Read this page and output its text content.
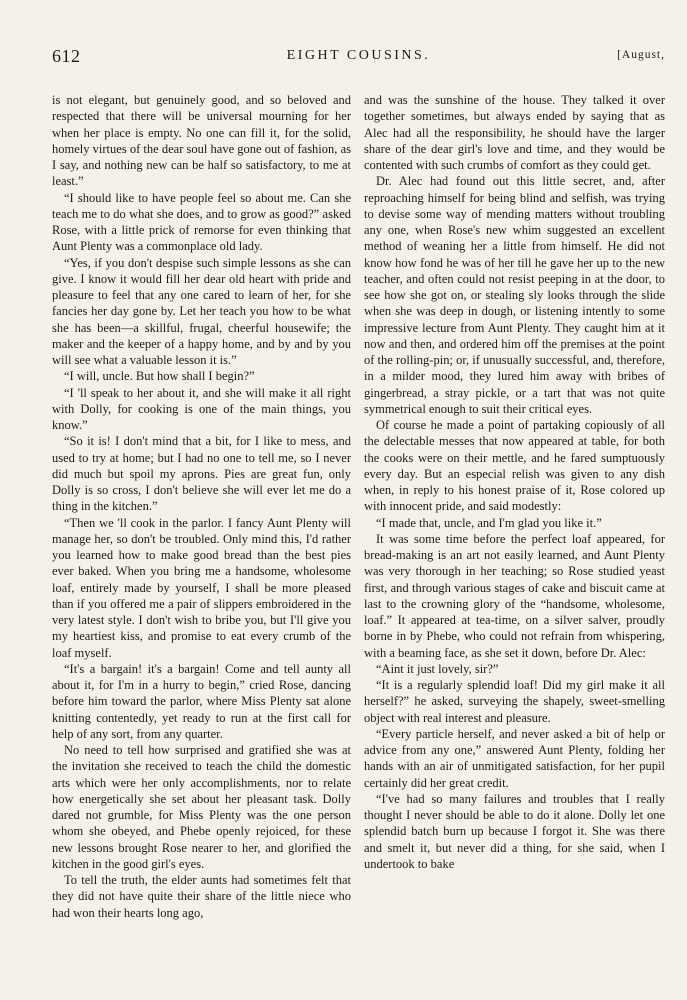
612	EIGHT COUSINS.	[August,

is not elegant, but genuinely good, and so beloved and respected that there will be universal mourning for her when her place is empty. No one can fill it, for the solid, homely virtues of the dear soul have gone out of fashion, as I say, and nothing new can be half so satisfactory, to me at least.”

“I should like to have people feel so about me. Can she teach me to do what she does, and to grow as good?” asked Rose, with a little prick of remorse for even thinking that Aunt Plenty was a commonplace old lady.

“Yes, if you don't despise such simple lessons as she can give. I know it would fill her dear old heart with pride and pleasure to feel that any one cared to learn of her, for she fancies her day gone by. Let her teach you how to be what she has been—a skillful, frugal, cheerful housewife; the maker and the keeper of a happy home, and by and by you will see what a valuable lesson it is.”

“I will, uncle. But how shall I begin?”

“I 'll speak to her about it, and she will make it all right with Dolly, for cooking is one of the main things, you know.”

“So it is! I don't mind that a bit, for I like to mess, and used to try at home; but I had no one to tell me, so I never did much but spoil my aprons. Pies are great fun, only Dolly is so cross, I don't believe she will ever let me do a thing in the kitchen.”

“Then we 'll cook in the parlor. I fancy Aunt Plenty will manage her, so don't be troubled. Only mind this, I'd rather you learned how to make good bread than the best pies ever baked. When you bring me a handsome, wholesome loaf, entirely made by yourself, I shall be more pleased than if you offered me a pair of slippers embroidered in the very latest style. I don't wish to bribe you, but I'll give you my heartiest kiss, and promise to eat every crumb of the loaf myself.

“It's a bargain! it's a bargain! Come and tell aunty all about it, for I'm in a hurry to begin,” cried Rose, dancing before him toward the parlor, where Miss Plenty sat alone knitting contentedly, yet ready to run at the first call for help of any sort, from any quarter.

No need to tell how surprised and gratified she was at the invitation she received to teach the child the domestic arts which were her only accomplishments, nor to relate how energetically she set about her pleasant task. Dolly dared not grumble, for Miss Plenty was the one person whom she obeyed, and Phebe openly rejoiced, for these new lessons brought Rose nearer to her, and glorified the kitchen in the good girl's eyes.

To tell the truth, the elder aunts had sometimes felt that they did not have quite their share of the little niece who had won their hearts long ago,

and was the sunshine of the house. They talked it over together sometimes, but always ended by saying that as Alec had all the responsibility, he should have the larger share of the dear girl's love and time, and they would be contented with such crumbs of comfort as they could get.

Dr. Alec had found out this little secret, and, after reproaching himself for being blind and selfish, was trying to devise some way of mending matters without troubling any one, when Rose's new whim suggested an excellent method of weaning her a little from himself. He did not know how fond he was of her till he gave her up to the new teacher, and often could not resist peeping in at the door, to see how she got on, or stealing sly looks through the slide when she was deep in dough, or listening intently to some impressive lecture from Aunt Plenty. They caught him at it now and then, and ordered him off the premises at the point of the rolling-pin; or, if unusually successful, and, therefore, in a milder mood, they lured him away with bribes of gingerbread, a stray pickle, or a tart that was not quite symmetrical enough to suit their critical eyes.

Of course he made a point of partaking copiously of all the delectable messes that now appeared at table, for both the cooks were on their mettle, and he fared sumptuously every day. But an especial relish was given to any dish when, in reply to his honest praise of it, Rose colored up with innocent pride, and said modestly:

“I made that, uncle, and I'm glad you like it.”

It was some time before the perfect loaf appeared, for bread-making is an art not easily learned, and Aunt Plenty was very thorough in her teaching; so Rose studied yeast first, and through various stages of cake and biscuit came at last to the crowning glory of the “handsome, wholesome, loaf.” It appeared at tea-time, on a silver salver, proudly borne in by Phebe, who could not refrain from whispering, with a beaming face, as she set it down, before Dr. Alec:

“Aint it just lovely, sir?”

“It is a regularly splendid loaf! Did my girl make it all herself?” he asked, surveying the shapely, sweet-smelling object with real interest and pleasure.

“Every particle herself, and never asked a bit of help or advice from any one,” answered Aunt Plenty, folding her hands with an air of unmitigated satisfaction, for her pupil certainly did her great credit.

“I've had so many failures and troubles that I really thought I never should be able to do it alone. Dolly let one splendid batch burn up because I forgot it. She was there and smelt it, but never did a thing, for she said, when I undertook to bake
